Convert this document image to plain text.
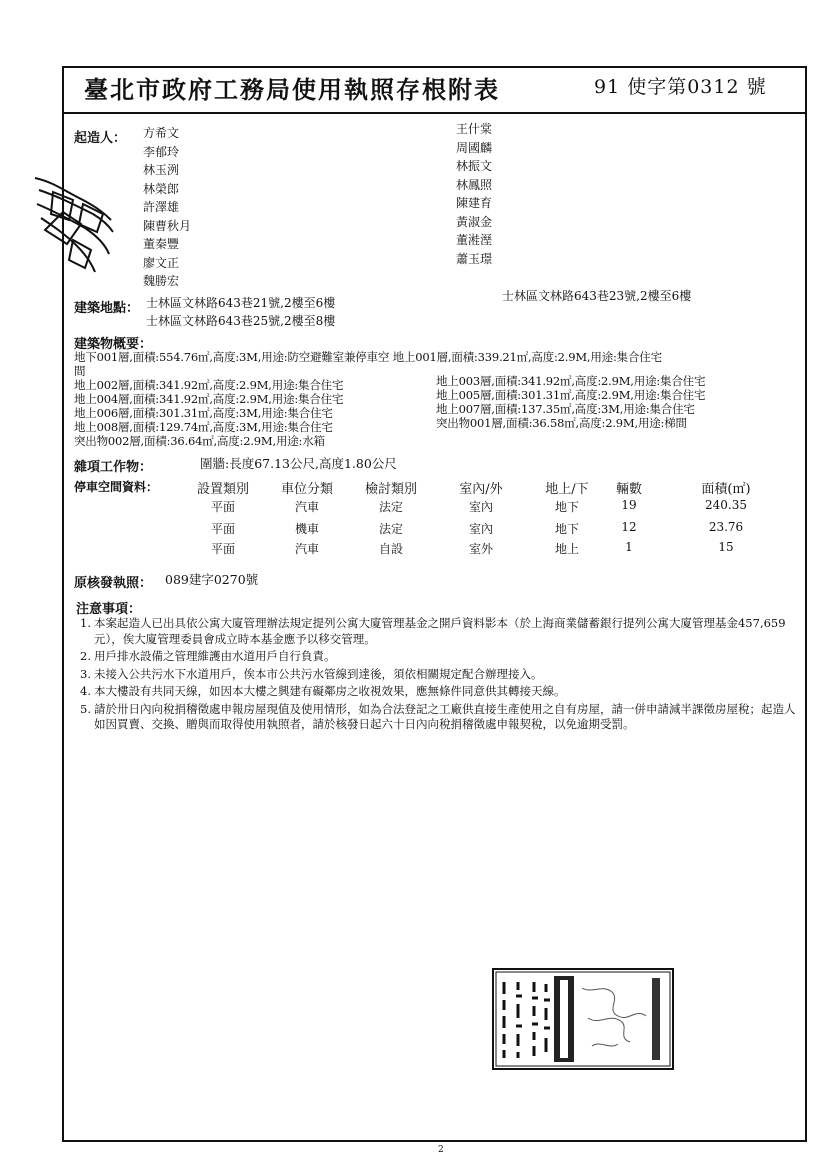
臺北市政府工務局使用執照存根附表	91 使字第0312 號
起造人： 方希文
李郁玲
林玉洌
林榮郎
許澤雄
陳曹秋月
董秦豐
廖文正
魏勝宏
王什棠
周國麟
林振文
林鳳照
陳建育
黃淑金
董溎溼
蕭玉璟
建築地點： 士林區文林路643巷21號,2樓至6樓
士林區文林路643巷25號,2樓至8樓
士林區文林路643巷23號,2樓至6樓
建築物概要：
地下001層,面積:554.76㎡,高度:3M,用途:防空避難室兼停車空 地上001層,面積:339.21㎡,高度:2.9M,用途:集合住宅
間
地上002層,面積:341.92㎡,高度:2.9M,用途:集合住宅
地上004層,面積:341.92㎡,高度:2.9M,用途:集合住宅
地上006層,面積:301.31㎡,高度:3M,用途:集合住宅
地上008層,面積:129.74㎡,高度:3M,用途:集合住宅
突出物002層,面積:36.64㎡,高度:2.9M,用途:水箱
地上003層,面積:341.92㎡,高度:2.9M,用途:集合住宅
地上005層,面積:301.31㎡,高度:2.9M,用途:集合住宅
地上007層,面積:137.35㎡,高度:3M,用途:集合住宅
突出物001層,面積:36.58㎡,高度:2.9M,用途:梯間
雜項工作物：	圍牆:長度67.13公尺,高度1.80公尺
停車空間資料：	設置類別	車位分類	檢討類別	室內/外	地上/下	輛數	面積(㎡)
平面	汽車	法定	室內	地下	19	240.35
平面	機車	法定	室內	地下	12	23.76
平面	汽車	自設	室外	地上	1	15
原核發執照： 089建字0270號
注意事項：
1. 本案起造人已出具依公寓大廈管理辦法規定提列公寓大廈管理基金之開戶資料影本（於上海商業儲蓄銀行提列公寓大廈管理基金457,659元），俟大廈管理委員會成立時本基金應予以移交管理。
2. 用戶排水設備之管理維護由水道用戶自行負責。
3. 未接入公共污水下水道用戶，俟本市公共污水管線到達後，須依相關規定配合辦理接入。
4. 本大樓設有共同天線，如因本大樓之興建有礙鄰房之收視效果，應無條件同意供其轉接天線。
5. 請於卅日內向稅捐稽徵處申報房屋現值及使用情形，如為合法登記之工廠供直接生產使用之自有房屋，請一併申請減半課徵房屋稅；起造人如因買賣、交換、贈與而取得使用執照者，請於核發日起六十日內向稅捐稽徵處申報契稅，以免逾期受罰。
2
